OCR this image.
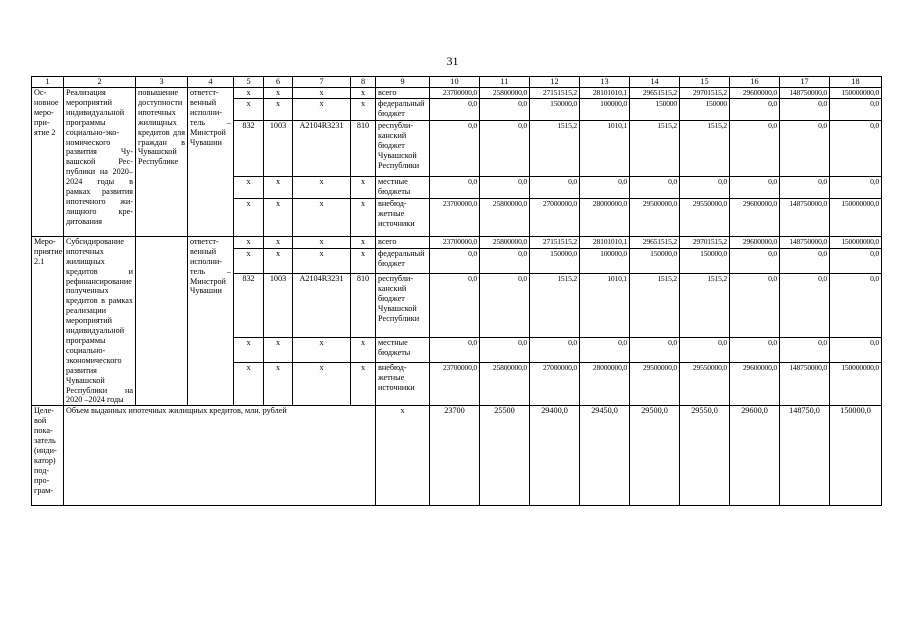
31
1	2	3	4	5	6	7	8	9	10	11	12	13	14	15	16	17	18
Основное мероприятие 2	Реализация мероприятий индивидуальной программы социально-экономического развития Чувашской Республики на 2020–2024 годы в рамках развития ипотечного жилищного кредитования	повышение доступности ипотечных жилищных кредитов для граждан в Чувашской Республике	ответственный исполнитель – Минстрой Чувашии	x	x	x	x	всего	23700000,0	25800000,0	27151515,2	28101010,1	29651515,2	29701515,2	29600000,0	148750000,0	150000000,0
				x	x	x	x	федеральный бюджет	0,0	0,0	150000,0	100000,0	150000	150000	0,0	0,0	0,0
				832	1003	A2104R3231	810	республиканский бюджет Чувашской Республики	0,0	0,0	1515,2	1010,1	1515,2	1515,2	0,0	0,0	0,0
				x	x	x	x	местные бюджеты	0,0	0,0	0,0	0,0	0,0	0,0	0,0	0,0	0,0
				x	x	x	x	внебюджетные источники	23700000,0	25800000,0	27000000,0	28000000,0	29500000,0	29550000,0	29600000,0	148750000,0	150000000,0
Мероприятие 2.1	Субсидирование ипотечных жилищных кредитов и рефинансирование полученных кредитов в рамках реализации мероприятий индивидуальной программы социально-экономического развития Чувашской Республики на 2020 –2024 годы		ответственный исполнитель – Минстрой Чувашии	x	x	x	x	всего	23700000,0	25800000,0	27151515,2	28101010,1	29651515,2	29701515,2	29600000,0	148750000,0	150000000,0
				x	x	x	x	федеральный бюджет	0,0	0,0	150000,0	100000,0	150000,0	150000,0	0,0	0,0	0,0
				832	1003	A2104R3231	810	республиканский бюджет Чувашской Республики	0,0	0,0	1515,2	1010,1	1515,2	1515,2	0,0	0,0	0,0
				x	x	x	x	местные бюджеты	0,0	0,0	0,0	0,0	0,0	0,0	0,0	0,0	0,0
				x	x	x	x	внебюджетные источники	23700000,0	25800000,0	27000000,0	28000000,0	29500000,0	29550000,0	29600000,0	148750000,0	150000000,0
Целевой показатель (индикатор) подпрограм-	Объем выданных ипотечных жилищных кредитов, млн. рублей							x	23700	25500	29400,0	29450,0	29500,0	29550,0	29600,0	148750,0	150000,0
